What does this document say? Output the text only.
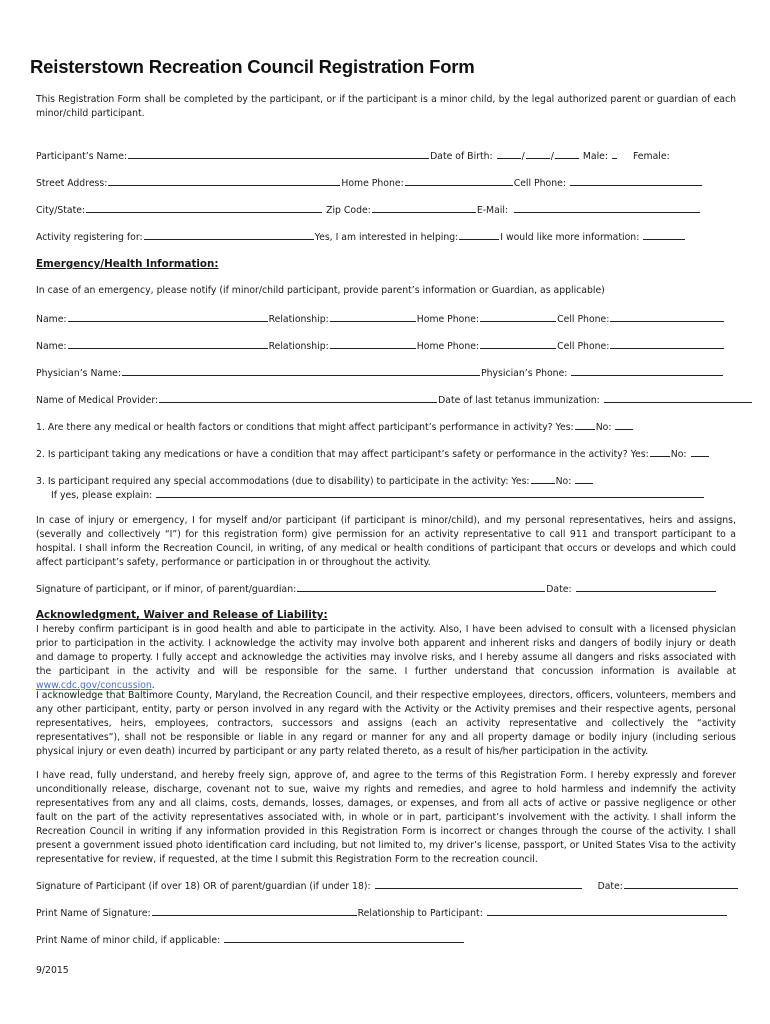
Reisterstown Recreation Council Registration Form
This Registration Form shall be completed by the participant, or if the participant is a minor child, by the legal authorized parent or guardian of each minor/child participant.
Participant’s Name:	Date of Birth:	/	/	Male:	Female:
Street Address:	Home Phone:	Cell Phone:
City/State:	Zip Code:	E-Mail:
Activity registering for:	Yes, I am interested in helping:	I would like more information:
Emergency/Health Information:
In case of an emergency, please notify (if minor/child participant, provide parent’s information or Guardian, as applicable)
Name:	Relationship:	Home Phone:	Cell Phone:
Name:	Relationship:	Home Phone:	Cell Phone:
Physician’s Name:	Physician’s Phone:
Name of Medical Provider:	Date of last tetanus immunization:
1. Are there any medical or health factors or conditions that might affect participant’s performance in activity? Yes: No:
2. Is participant taking any medications or have a condition that may affect participant’s safety or performance in the activity? Yes: No:
3. Is participant required any special accommodations (due to disability) to participate in the activity: Yes:	No:
If yes, please explain:
In case of injury or emergency, I for myself and/or participant (if participant is minor/child), and my personal representatives, heirs and assigns, (severally and collectively “I”) for this registration form) give permission for an activity representative to call 911 and transport participant to a hospital. I shall inform the Recreation Council, in writing, of any medical or health conditions of participant that occurs or develops and which could affect participant’s safety, performance or participation in or throughout the activity.
Signature of participant, or if minor, of parent/guardian:	Date:
Acknowledgment, Waiver and Release of Liability:
I hereby confirm participant is in good health and able to participate in the activity. Also, I have been advised to consult with a licensed physician prior to participation in the activity. I acknowledge the activity may involve both apparent and inherent risks and dangers of bodily injury or death and damage to property. I fully accept and acknowledge the activities may involve risks, and I hereby assume all dangers and risks associated with the participant in the activity and will be responsible for the same. I further understand that concussion information is available at www.cdc.gov/concussion.
I acknowledge that Baltimore County, Maryland, the Recreation Council, and their respective employees, directors, officers, volunteers, members and any other participant, entity, party or person involved in any regard with the Activity or the Activity premises and their respective agents, personal representatives, heirs, employees, contractors, successors and assigns (each an activity representative and collectively the “activity representatives”), shall not be responsible or liable in any regard or manner for any and all property damage or bodily injury (including serious physical injury or even death) incurred by participant or any party related thereto, as a result of his/her participation in the activity.
I have read, fully understand, and hereby freely sign, approve of, and agree to the terms of this Registration Form. I hereby expressly and forever unconditionally release, discharge, covenant not to sue, waive my rights and remedies, and agree to hold harmless and indemnify the activity representatives from any and all claims, costs, demands, losses, damages, or expenses, and from all acts of active or passive negligence or other fault on the part of the activity representatives associated with, in whole or in part, participant’s involvement with the activity. I shall inform the Recreation Council in writing if any information provided in this Registration Form is incorrect or changes through the course of the activity. I shall present a government issued photo identification card including, but not limited to, my driver’s license, passport, or United States Visa to the activity representative for review, if requested, at the time I submit this Registration Form to the recreation council.
Signature of Participant (if over 18) OR of parent/guardian (if under 18):	Date:
Print Name of Signature:	Relationship to Participant:
Print Name of minor child, if applicable:
9/2015
